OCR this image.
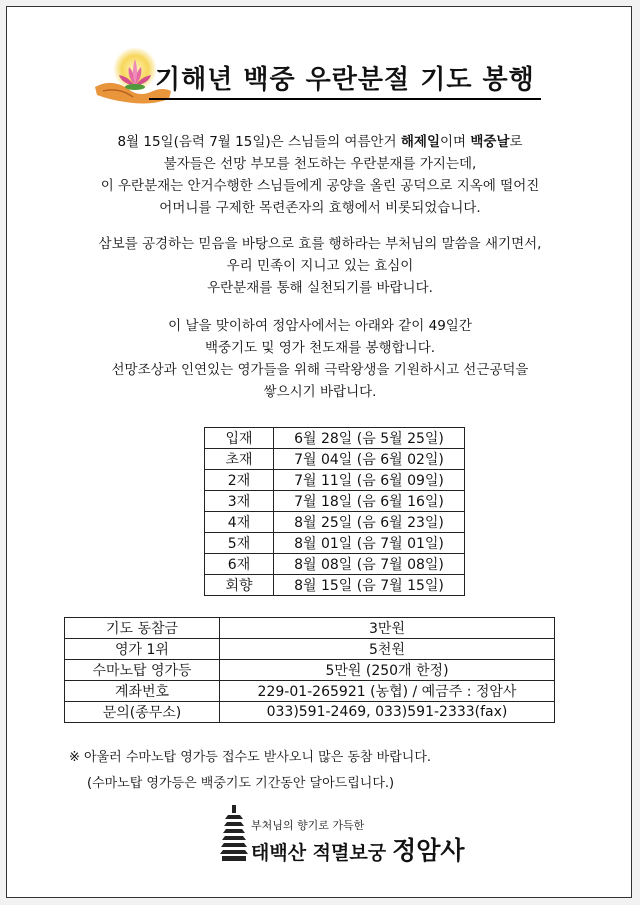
기해년 백중 우란분절 기도 봉행
8월 15일(음력 7월 15일)은 스님들의 여름안거 해제일이며 백중날로
불자들은 선망 부모를 천도하는 우란분재를 가지는데,
이 우란분재는 안거수행한 스님들에게 공양을 올린 공덕으로 지옥에 떨어진
어머니를 구제한 목련존자의 효행에서 비롯되었습니다.
삼보를 공경하는 믿음을 바탕으로 효를 행하라는 부처님의 말씀을 새기면서,
우리 민족이 지니고 있는 효심이
우란분재를 통해 실천되기를 바랍니다.
이 날을 맞이하여 정암사에서는 아래와 같이 49일간
백중기도 및 영가 천도재를 봉행합니다.
선망조상과 인연있는 영가들을 위해 극락왕생을 기원하시고 선근공덕을
쌓으시기 바랍니다.
입재	6월 28일 (음 5월 25일)
초재	7월 04일 (음 6월 02일)
2재	7월 11일 (음 6월 09일)
3재	7월 18일 (음 6월 16일)
4재	8월 25일 (음 6월 23일)
5재	8월 01일 (음 7월 01일)
6재	8월 08일 (음 7월 08일)
회향	8월 15일 (음 7월 15일)
기도 동참금	3만원
영가 1위	5천원
수마노탑 영가등	5만원 (250개 한정)
계좌번호	229-01-265921 (농협) / 예금주 : 정암사
문의(종무소)	033)591-2469, 033)591-2333(fax)
※ 아울러 수마노탑 영가등 접수도 받사오니 많은 동참 바랍니다.
(수마노탑 영가등은 백중기도 기간동안 달아드립니다.)
부처님의 향기로 가득한
태백산 적멸보궁 정암사
